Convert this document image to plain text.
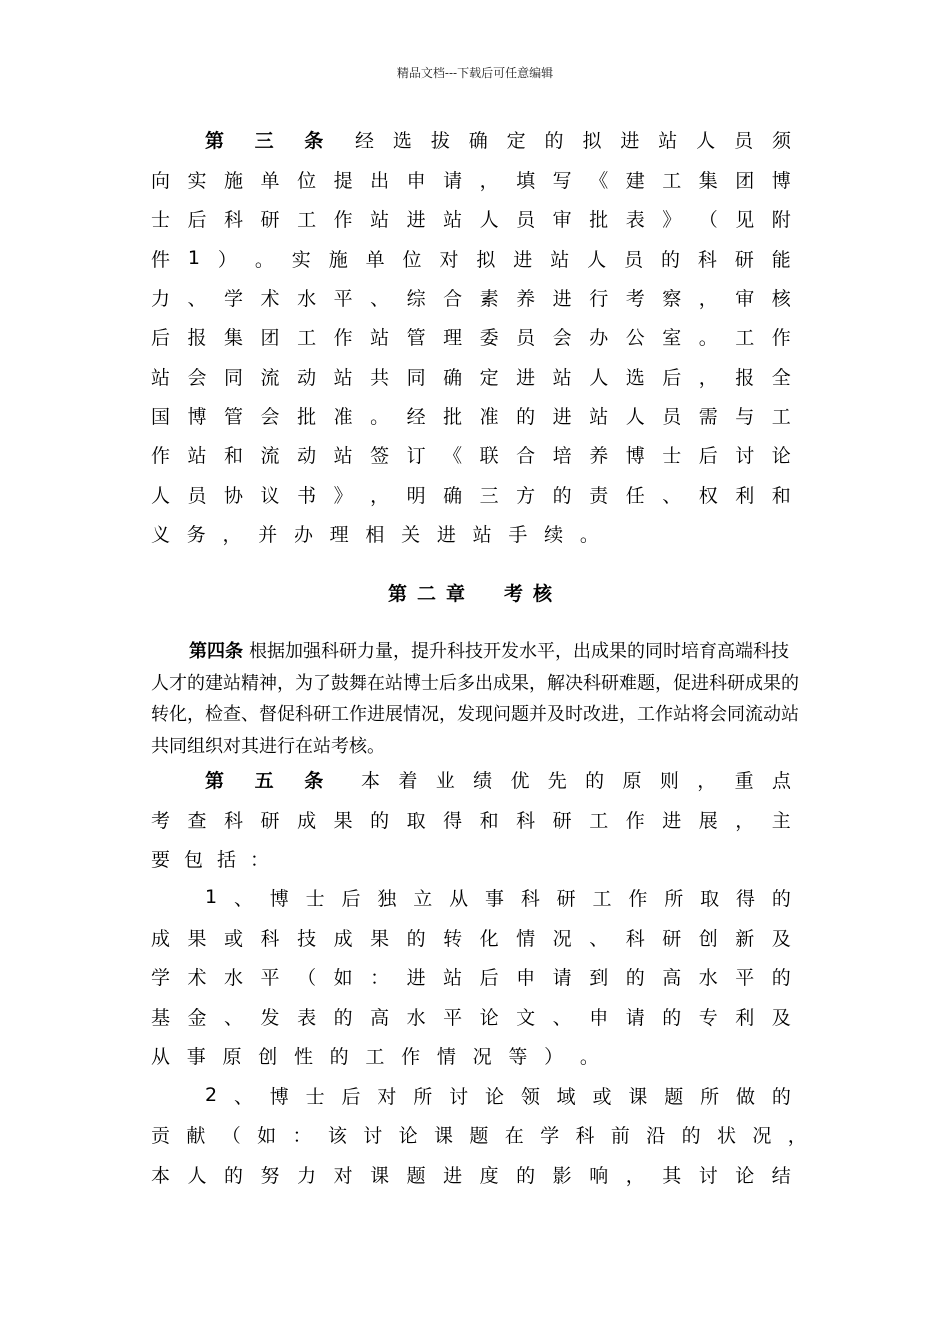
精品文档---下载后可任意编辑
第 三 条 经 选 拔 确 定 的 拟 进 站 人 员 须
向 实 施 单 位 提 出 申 请 ， 填 写 《 建 工 集 团 博
士 后 科 研 工 作 站 进 站 人 员 审 批 表 》 （ 见 附
件 1 ） 。 实 施 单 位 对 拟 进 站 人 员 的 科 研 能
力 、 学 术 水 平 、 综 合 素 养 进 行 考 察 ， 审 核
后 报 集 团 工 作 站 管 理 委 员 会 办 公 室 。 工 作
站 会 同 流 动 站 共 同 确 定 进 站 人 选 后 ， 报 全
国 博 管 会 批 准 。 经 批 准 的 进 站 人 员 需 与 工
作 站 和 流 动 站 签 订 《 联 合 培 养 博 士 后 讨 论
人 员 协 议 书 》 ， 明 确 三 方 的 责 任 、 权 利 和
义 务 ， 并 办 理 相 关 进 站 手 续 。
第二章　考核
第四条 根据加强科研力量，提升科技开发水平，出成果的同时培育高端科技人才的建站精神，为了鼓舞在站博士后多出成果，解决科研难题，促进科研成果的转化，检查、督促科研工作进展情况，发现问题并及时改进，工作站将会同流动站共同组织对其进行在站考核。
第 五 条 本 着 业 绩 优 先 的 原 则 ， 重 点
考 查 科 研 成 果 的 取 得 和 科 研 工 作 进 展 ， 主
要 包 括 ：
1 、 博 士 后 独 立 从 事 科 研 工 作 所 取 得 的
成 果 或 科 技 成 果 的 转 化 情 况 、 科 研 创 新 及
学 术 水 平 （ 如 ： 进 站 后 申 请 到 的 高 水 平 的
基 金 、 发 表 的 高 水 平 论 文 、 申 请 的 专 利 及
从 事 原 创 性 的 工 作 情 况 等 ） 。
2 、 博 士 后 对 所 讨 论 领 域 或 课 题 所 做 的
贡 献 （ 如 ： 该 讨 论 课 题 在 学 科 前 沿 的 状 况 ，
本 人 的 努 力 对 课 题 进 度 的 影 响 ， 其 讨 论 结
